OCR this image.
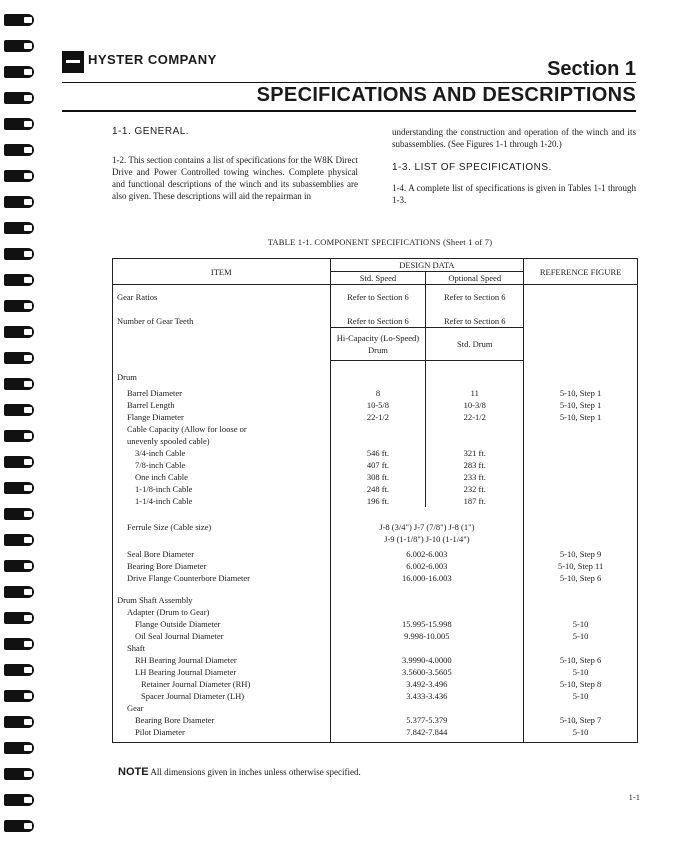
HYSTER COMPANY	Section 1
SPECIFICATIONS AND DESCRIPTIONS
1-1. GENERAL.

1-2. This section contains a list of specifications for the W8K Direct Drive and Power Controlled towing winches. Complete physical and functional descriptions of the winch and its subassemblies are also given. These descriptions will aid the repairman in

understanding the construction and operation of the winch and its subassemblies. (See Figures 1-1 through 1-20.)

1-3. LIST OF SPECIFICATIONS.

1-4. A complete list of specifications is given in Tables 1-1 through 1-3.

TABLE 1-1. COMPONENT SPECIFICATIONS (Sheet 1 of 7)
ITEM	DESIGN DATA		REFERENCE FIGURE
	Std. Speed	Optional Speed	
Gear Ratios	Refer to Section 6	Refer to Section 6	
Number of Gear Teeth	Refer to Section 6	Refer to Section 6	
	Hi-Capacity (Lo-Speed) Drum	Std. Drum	
Drum			
Barrel Diameter	8	11	5-10, Step 1
Barrel Length	10-5/8	10-3/8	5-10, Step 1
Flange Diameter	22-1/2	22-1/2	5-10, Step 1
Cable Capacity (Allow for loose or			
unevenly spooled cable)			
3/4-inch Cable	546 ft.	321 ft.	
7/8-inch Cable	407 ft.	283 ft.	
One inch Cable	308 ft.	233 ft.	
1-1/8-inch Cable	248 ft.	232 ft.	
1-1/4-inch Cable	196 ft.	187 ft.	
Ferrule Size (Cable size)	J-8 (3/4") J-7 (7/8") J-8 (1")
J-9 (1-1/8") J-10 (1-1/4")		

Seal Bore Diameter	6.002-6.003		5-10, Step 9
Bearing Bore Diameter	6.002-6.003		5-10, Step 11
Drive Flange Counterbore Diameter	16.000-16.003		5-10, Step 6
Drum Shaft Assembly			
Adapter (Drum to Gear)			
Flange Outside Diameter	15.995-15.998		5-10
Oil Seal Journal Diameter	9.998-10.005		5-10
Shaft			
RH Bearing Journal Diameter	3.9990-4.0000		5-10, Step 6
LH Bearing Journal Diameter	3.5600-3.5605		5-10
Retainer Journal Diameter (RH)	3.492-3.496		5-10, Step 8
Spacer Journal Diameter (LH)	3.433-3.436		5-10
Gear			
Bearing Bore Diameter	5.377-5.379		5-10, Step 7
Pilot Diameter	7.842-7.844		5-10
NOTE All dimensions given in inches unless otherwise specified.
1-1
